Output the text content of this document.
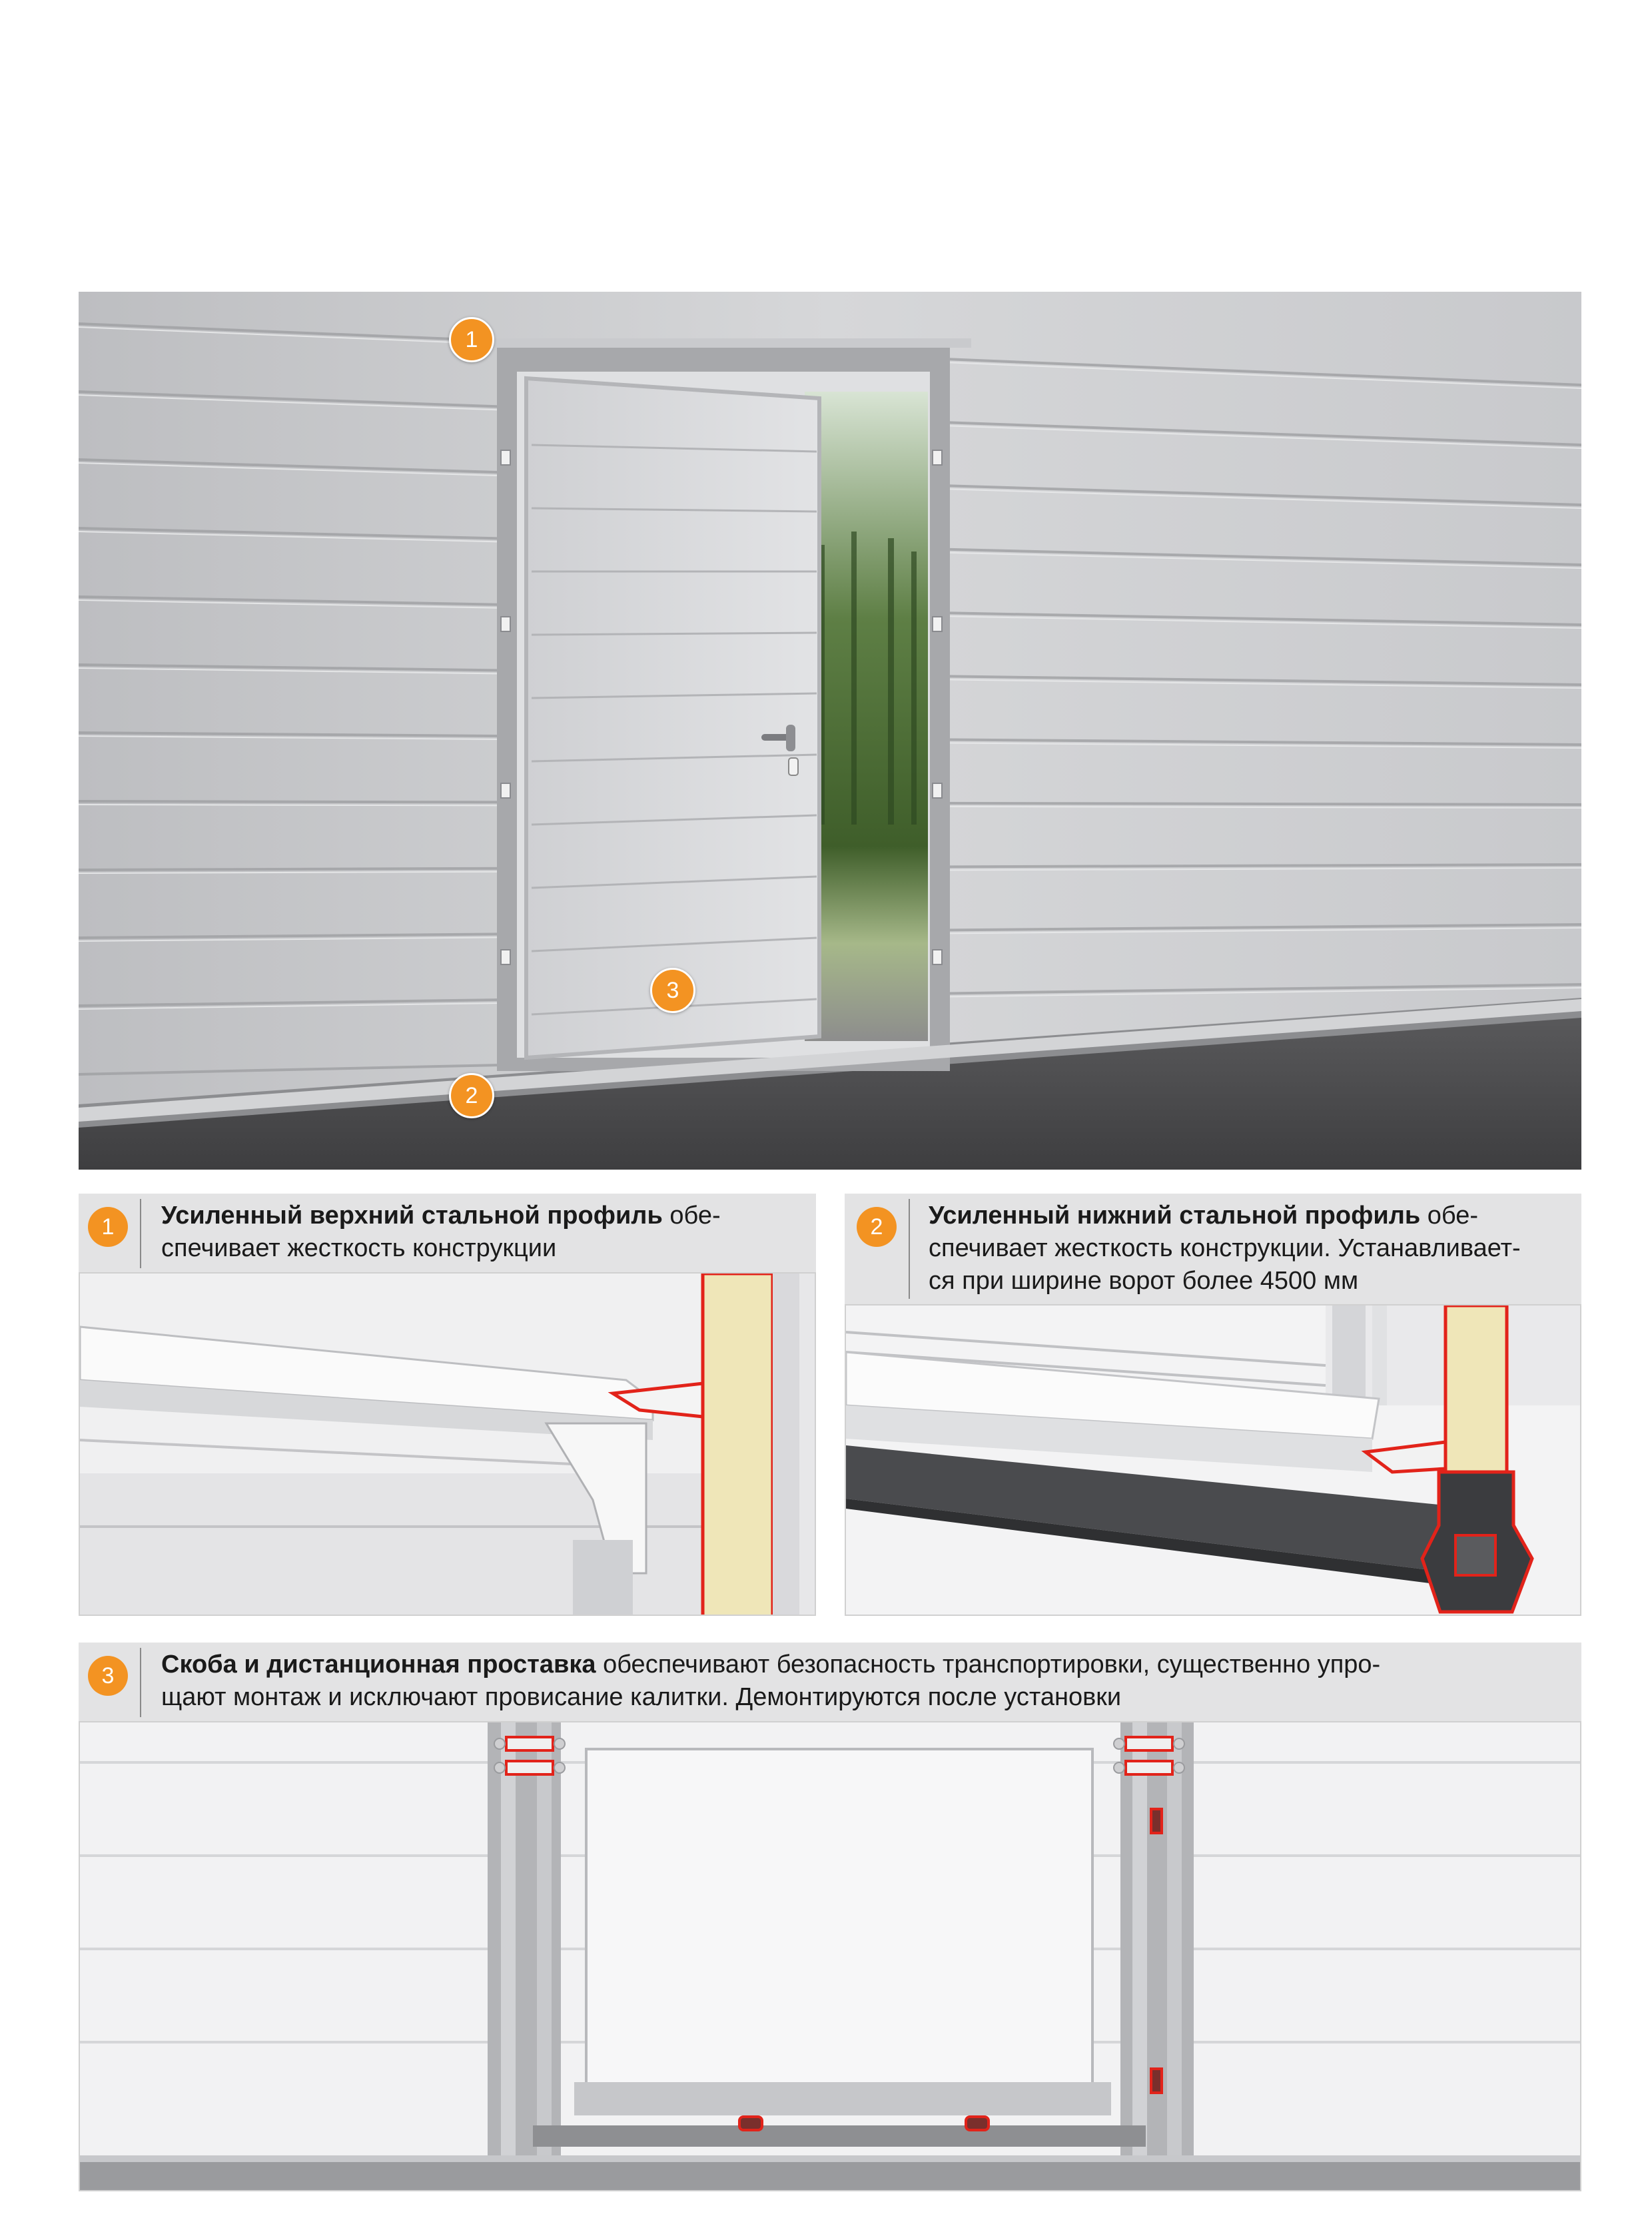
1
3
2
1	Усиленный верхний стальной профиль обе-
спечивает жесткость конструкции
2	Усиленный нижний стальной профиль обе-
спечивает жесткость конструкции. Устанавливает-
ся при ширине ворот более 4500 мм
3	Скоба и дистанционная проставка обеспечивают безопасность транспортировки, существенно упро-
щают монтаж и исключают провисание калитки. Демонтируются после установки
